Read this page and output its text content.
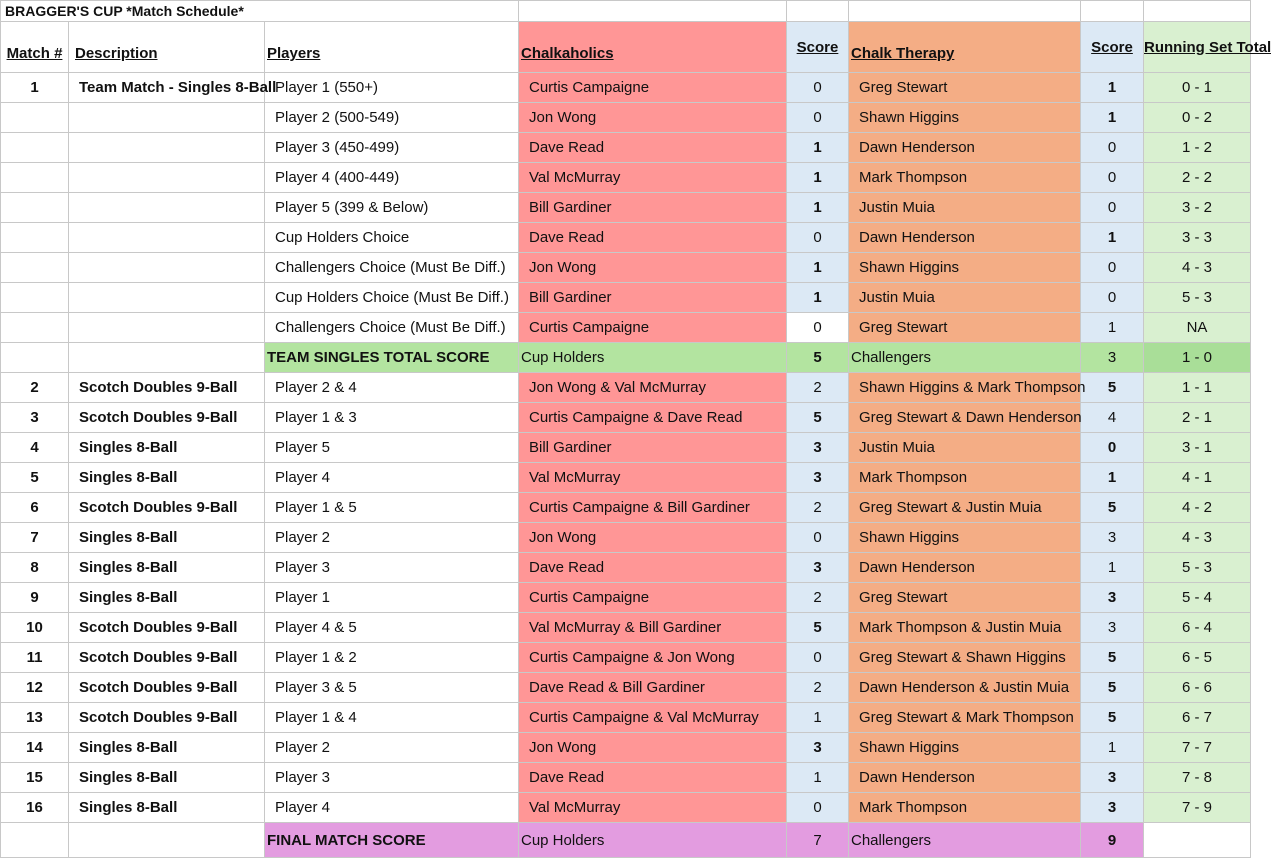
BRAGGER'S CUP *Match Schedule*							
Match #	Description	Players	Chalkaholics	Score	Chalk Therapy	Score	Running Set Total
1	Team Match - Singles 8-Ball	Player 1 (550+)	Curtis Campaigne	0	Greg Stewart	1	0 - 1
		Player 2 (500-549)	Jon Wong	0	Shawn Higgins	1	0 - 2
		Player 3 (450-499)	Dave Read	1	Dawn Henderson	0	1 - 2
		Player 4 (400-449)	Val McMurray	1	Mark Thompson	0	2 - 2
		Player 5 (399 & Below)	Bill Gardiner	1	Justin Muia	0	3 - 2
		Cup Holders Choice	Dave Read	0	Dawn Henderson	1	3 - 3
		Challengers Choice (Must Be Diff.)	Jon Wong	1	Shawn Higgins	0	4 - 3
		Cup Holders Choice (Must Be Diff.)	Bill Gardiner	1	Justin Muia	0	5 - 3
		Challengers Choice (Must Be Diff.)	Curtis Campaigne	0	Greg Stewart	1	NA
		TEAM SINGLES TOTAL SCORE	Cup Holders	5	Challengers	3	1 - 0
2	Scotch Doubles 9-Ball	Player 2 & 4	Jon Wong & Val McMurray	2	Shawn Higgins & Mark Thompson	5	1 - 1
3	Scotch Doubles 9-Ball	Player 1 & 3	Curtis Campaigne & Dave Read	5	Greg Stewart & Dawn Henderson	4	2 - 1
4	Singles 8-Ball	Player 5	Bill Gardiner	3	Justin Muia	0	3 - 1
5	Singles 8-Ball	Player 4	Val McMurray	3	Mark Thompson	1	4 - 1
6	Scotch Doubles 9-Ball	Player 1 & 5	Curtis Campaigne & Bill Gardiner	2	Greg Stewart & Justin Muia	5	4 - 2
7	Singles 8-Ball	Player 2	Jon Wong	0	Shawn Higgins	3	4 - 3
8	Singles 8-Ball	Player 3	Dave Read	3	Dawn Henderson	1	5 - 3
9	Singles 8-Ball	Player 1	Curtis Campaigne	2	Greg Stewart	3	5 - 4
10	Scotch Doubles 9-Ball	Player 4 & 5	Val McMurray & Bill Gardiner	5	Mark Thompson & Justin Muia	3	6 - 4
11	Scotch Doubles 9-Ball	Player 1 & 2	Curtis Campaigne & Jon Wong	0	Greg Stewart & Shawn Higgins	5	6 - 5
12	Scotch Doubles 9-Ball	Player 3 & 5	Dave Read & Bill Gardiner	2	Dawn Henderson & Justin Muia	5	6 - 6
13	Scotch Doubles 9-Ball	Player 1 & 4	Curtis Campaigne & Val McMurray	1	Greg Stewart & Mark Thompson	5	6 - 7
14	Singles 8-Ball	Player 2	Jon Wong	3	Shawn Higgins	1	7 - 7
15	Singles 8-Ball	Player 3	Dave Read	1	Dawn Henderson	3	7 - 8
16	Singles 8-Ball	Player 4	Val McMurray	0	Mark Thompson	3	7 - 9
		FINAL MATCH SCORE	Cup Holders	7	Challengers	9	
